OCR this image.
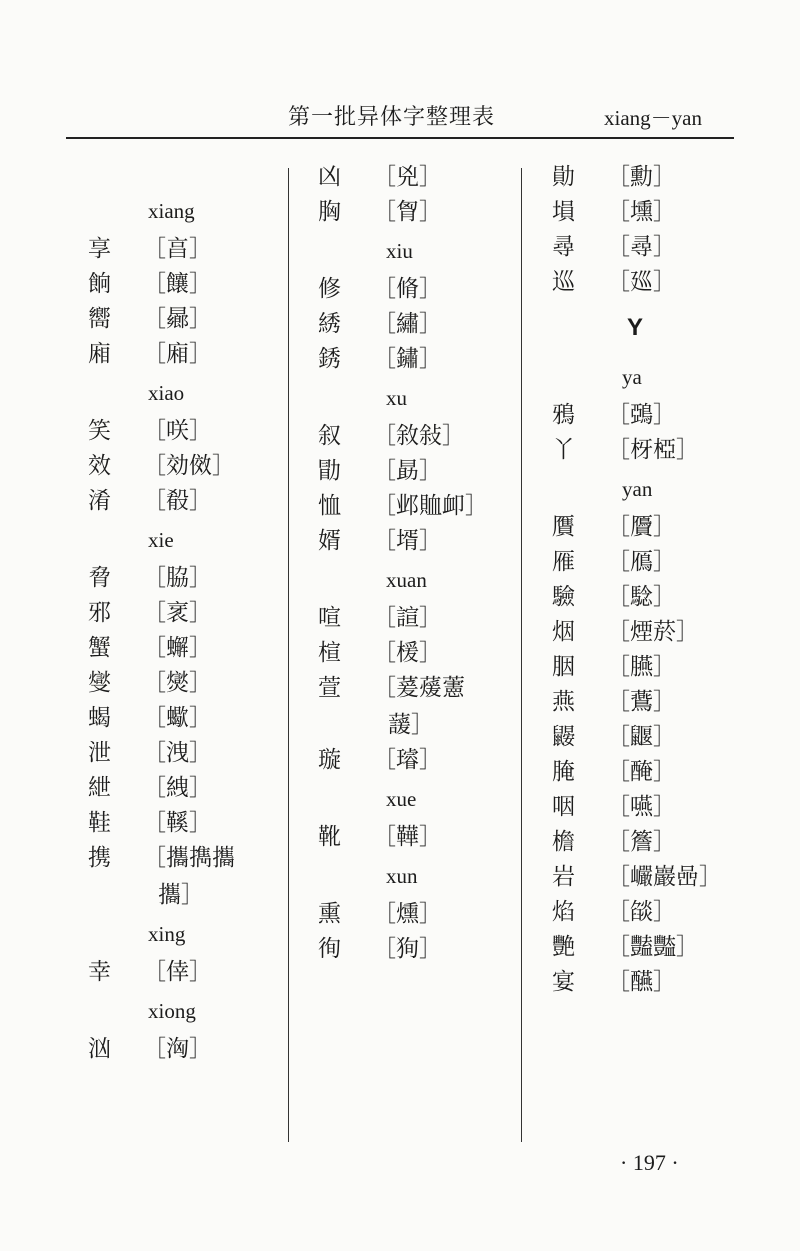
第一批异体字整理表	xiang－yan
xiang
享	［亯］
餉	［饟］
嚮	［曏］
廂	［廂］
xiao
笑	［咲］
效	［効傚］
淆	［殽］
xie
脅	［脇］
邪	［衺］
蟹	［蠏］
燮	［爕］
蝎	［蠍］
泄	［洩］
紲	［絏］
鞋	［鞵］
携	［攜擕攜
攜］
xing
幸	［倖］
xiong
汹	［洶］
凶	［兇］
胸	［胷］
xiu
修	［脩］
綉	［繡］
銹	［鏽］
xu
叙	［敘敍］
勖	［勗］
恤	［邺賉卹］
婿	［壻］
xuan
喧	［諠］
楦	［楥］
萱	［萲蕿藼
蘐］
璇	［璿］
xue
靴	［鞾］
xun
熏	［燻］
徇	［狥］
勛	［勳］
塤	［壎］
尋	［尋］
巡	［廵］
Y
ya
鴉	［鵶］
丫	［枒椏］
yan
贋	［贗］
雁	［鴈］
驗	［騐］
烟	［煙菸］
胭	［臙］
燕	［鷰］
鼹	［鼴］
腌	［醃］
咽	［嚥］
檐	［簷］
岩	［巗巖喦］
焰	［燄］
艷	［豔豓］
宴	［醼］
· 197 ·
